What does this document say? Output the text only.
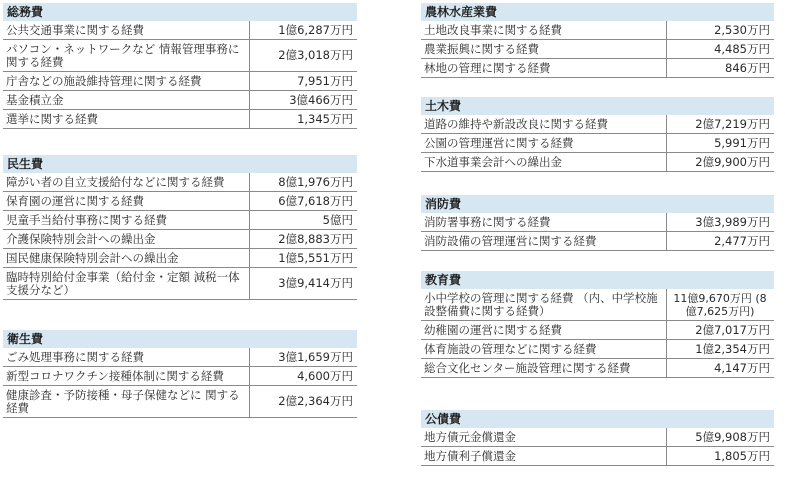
総務費
公共交通事業に関する経費	1億6,287万円
パソコン・ネットワークなど 情報管理事務に関する経費	2億3,018万円
庁舎などの施設維持管理に関する経費	7,951万円
基金積立金	3億466万円
選挙に関する経費	1,345万円
民生費
障がい者の自立支援給付などに関する経費	8億1,976万円
保育園の運営に関する経費	6億7,618万円
児童手当給付事務に関する経費	5億円
介護保険特別会計への繰出金	2億8,883万円
国民健康保険特別会計への繰出金	1億5,551万円
臨時特別給付金事業（給付金・定額 減税一体支援分など）	3億9,414万円
衛生費
ごみ処理事務に関する経費	3億1,659万円
新型コロナワクチン接種体制に関する経費	4,600万円
健康診査・予防接種・母子保健などに 関する経費	2億2,364万円
農林水産業費
土地改良事業に関する経費	2,530万円
農業振興に関する経費	4,485万円
林地の管理に関する経費	846万円
土木費
道路の維持や新設改良に関する経費	2億7,219万円
公園の管理運営に関する経費	5,991万円
下水道事業会計への繰出金	2億9,900万円
消防費
消防署事務に関する経費	3億3,989万円
消防設備の管理運営に関する経費	2,477万円
教育費
小中学校の管理に関する経費 （内、中学校施設整備費に関する経費）	11億9,670万円 (8億7,625万円)
幼稚園の運営に関する経費	2億7,017万円
体育施設の管理などに関する経費	1億2,354万円
総合文化センター施設管理に関する経費	4,147万円
公債費
地方債元金償還金	5億9,908万円
地方債利子償還金	1,805万円
